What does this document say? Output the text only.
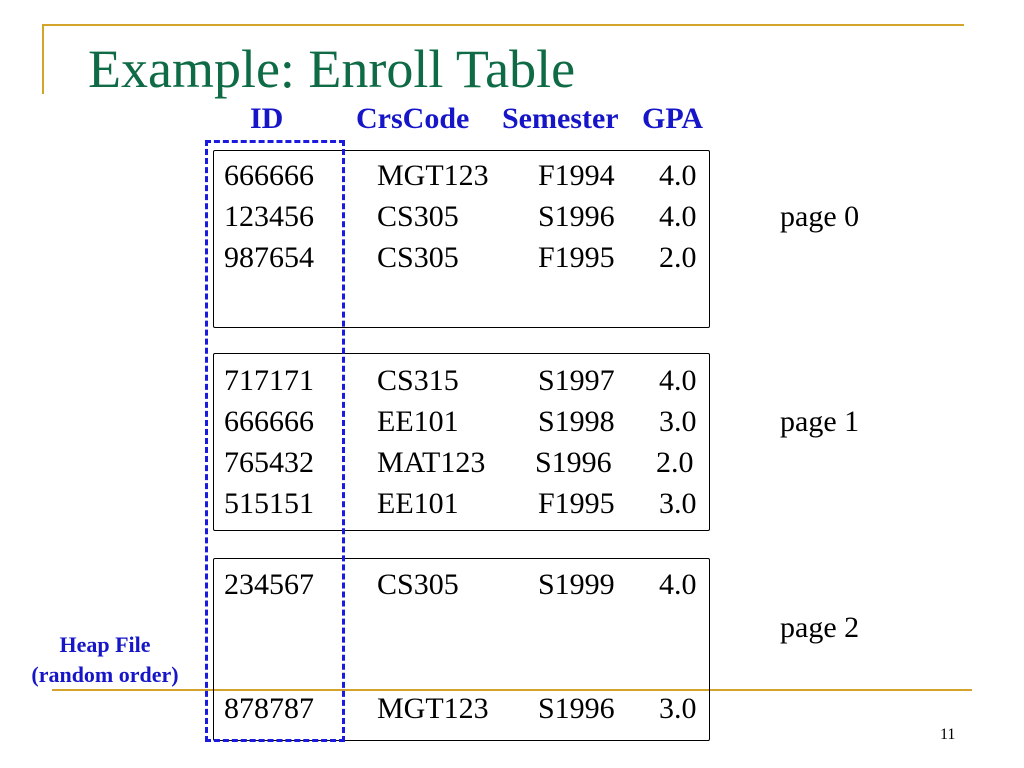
Example: Enroll Table
ID CrsCode Semester GPA
666666 MGT123 F1994 4.0
123456 CS305	S1996 4.0
987654 CS305	F1995 2.0
page 0
717171 CS315	S1997 4.0
666666 EE101	S1998 3.0
765432 MAT123 S1996 2.0
515151 EE101	F1995 3.0
page 1
234567 CS305	S1999 4.0
878787 MGT123 S1996 3.0
page 2
Heap File
(random order)
11
